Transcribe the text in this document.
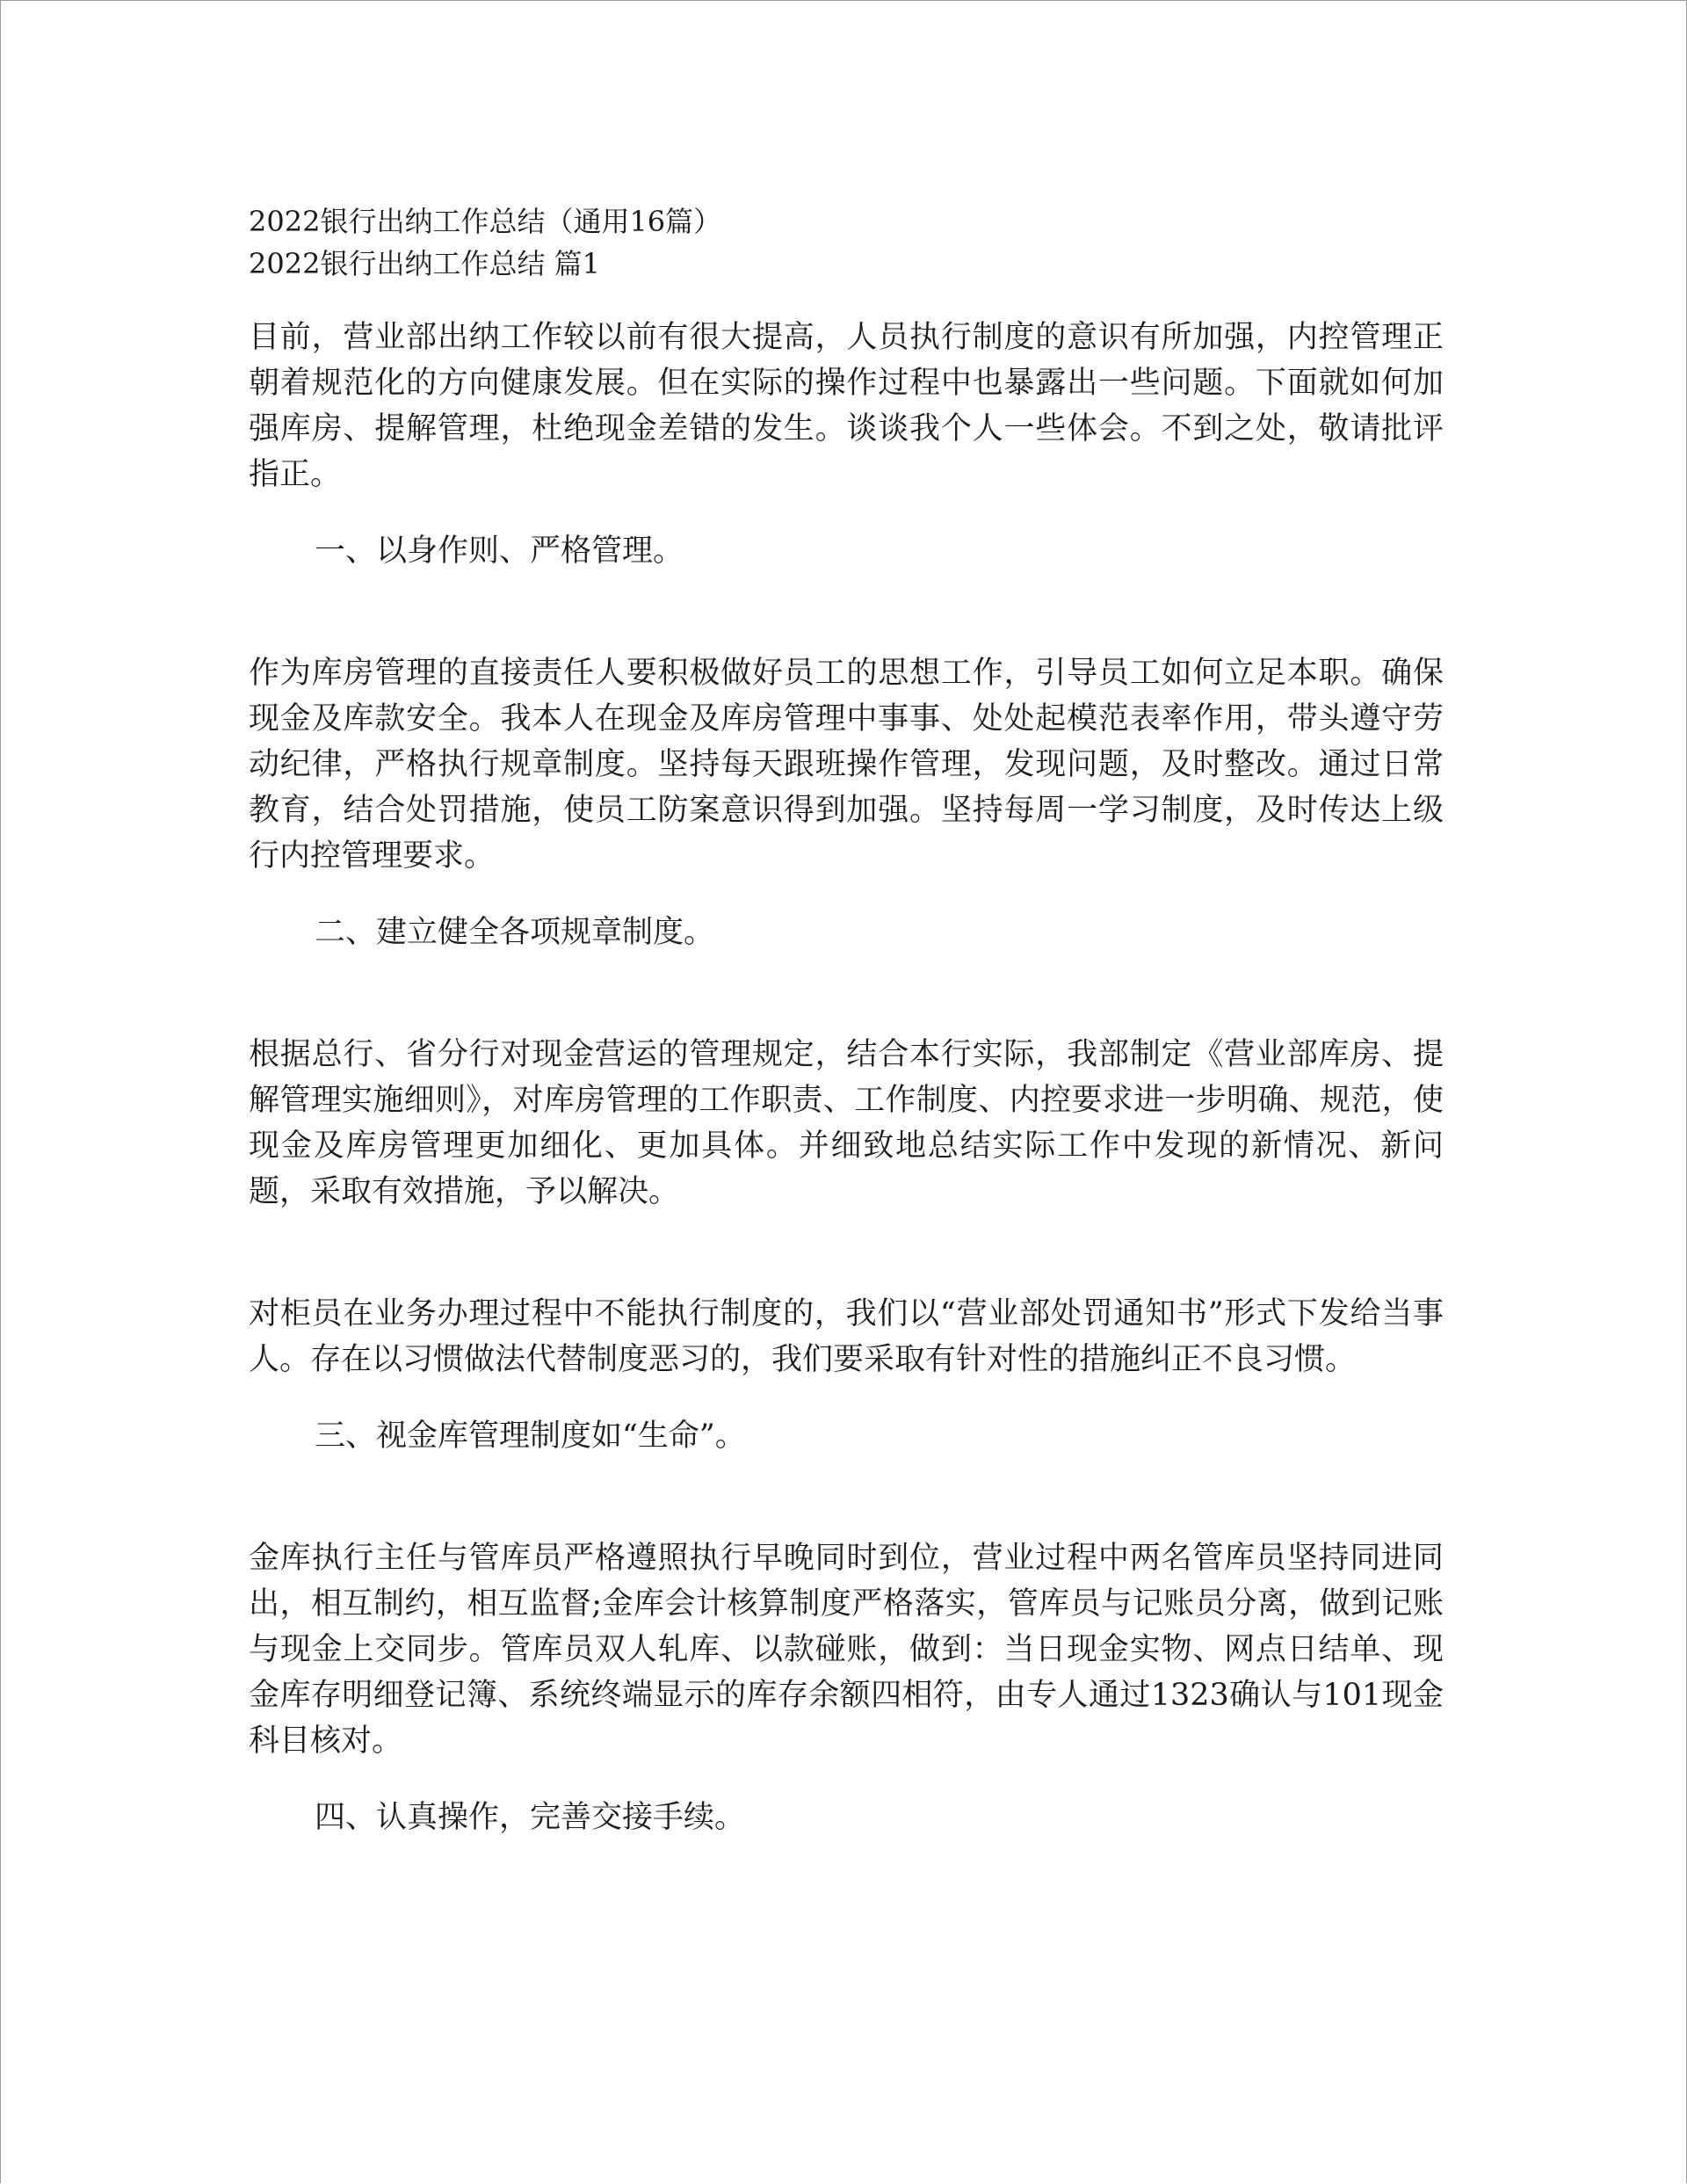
2022银行出纳工作总结（通用16篇）

2022银行出纳工作总结 篇1

目前，营业部出纳工作较以前有很大提高，人员执行制度的意识有所加强，内控管理正朝着规范化的方向健康发展。但在实际的操作过程中也暴露出一些问题。下面就如何加强库房、提解管理，杜绝现金差错的发生。谈谈我个人一些体会。不到之处，敬请批评指正。

一、以身作则、严格管理。

作为库房管理的直接责任人要积极做好员工的思想工作，引导员工如何立足本职。确保现金及库款安全。我本人在现金及库房管理中事事、处处起模范表率作用，带头遵守劳动纪律，严格执行规章制度。坚持每天跟班操作管理，发现问题，及时整改。通过日常教育，结合处罚措施，使员工防案意识得到加强。坚持每周一学习制度，及时传达上级行内控管理要求。

二、建立健全各项规章制度。

根据总行、省分行对现金营运的管理规定，结合本行实际，我部制定《营业部库房、提解管理实施细则》，对库房管理的工作职责、工作制度、内控要求进一步明确、规范，使现金及库房管理更加细化、更加具体。并细致地总结实际工作中发现的新情况、新问题，采取有效措施，予以解决。

对柜员在业务办理过程中不能执行制度的，我们以“营业部处罚通知书”形式下发给当事人。存在以习惯做法代替制度恶习的，我们要采取有针对性的措施纠正不良习惯。

三、视金库管理制度如“生命”。

金库执行主任与管库员严格遵照执行早晚同时到位，营业过程中两名管库员坚持同进同出，相互制约，相互监督;金库会计核算制度严格落实，管库员与记账员分离，做到记账与现金上交同步。管库员双人轧库、以款碰账，做到：当日现金实物、网点日结单、现金库存明细登记簿、系统终端显示的库存余额四相符，由专人通过1323确认与101现金科目核对。

四、认真操作，完善交接手续。
